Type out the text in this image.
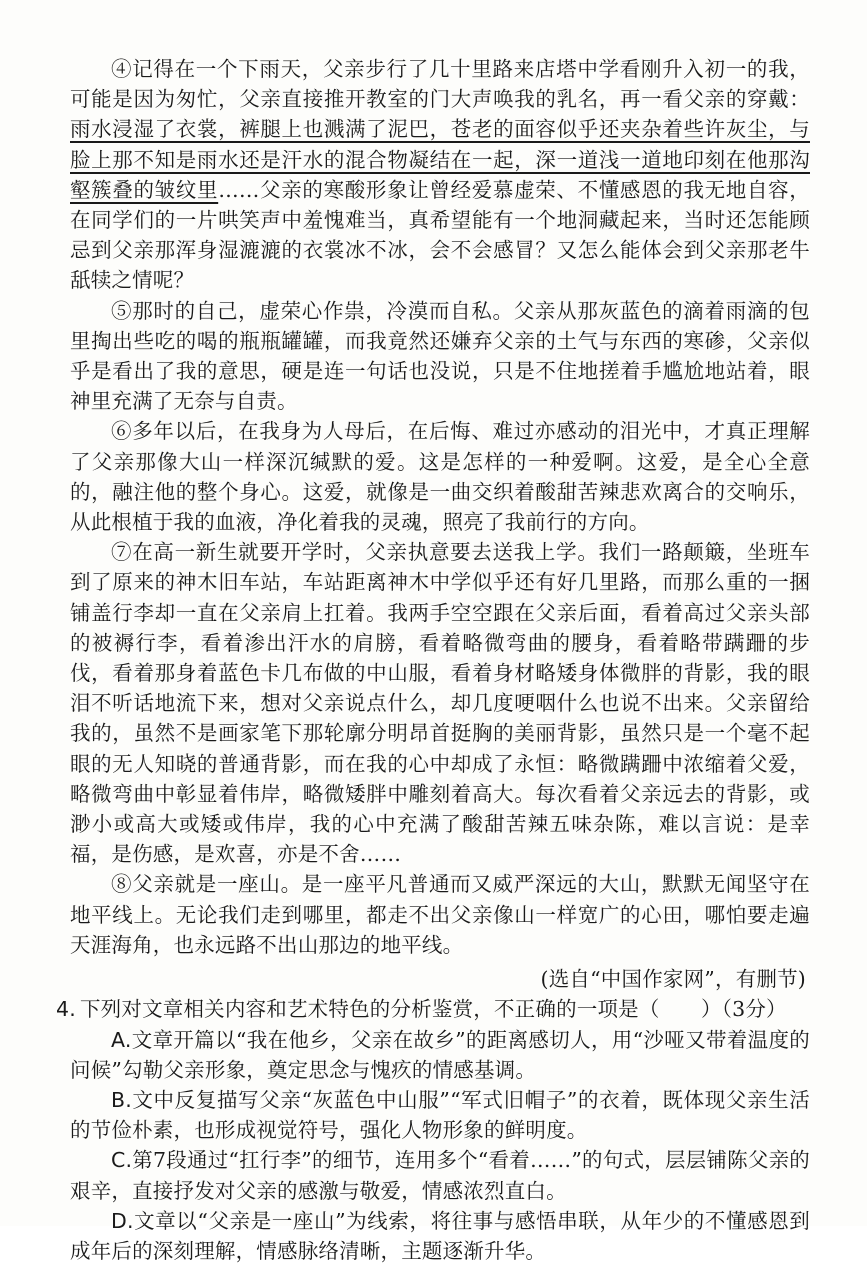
④记得在一个下雨天，父亲步行了几十里路来店塔中学看刚升入初一的我，可能是因为匆忙，父亲直接推开教室的门大声唤我的乳名，再一看父亲的穿戴：雨水浸湿了衣裳，裤腿上也溅满了泥巴，苍老的面容似乎还夹杂着些许灰尘，与脸上那不知是雨水还是汗水的混合物凝结在一起，深一道浅一道地印刻在他那沟壑簇叠的皱纹里……父亲的寒酸形象让曾经爱慕虚荣、不懂感恩的我无地自容，在同学们的一片哄笑声中羞愧难当，真希望能有一个地洞藏起来，当时还怎能顾忌到父亲那浑身湿漉漉的衣裳冰不冰，会不会感冒？又怎么能体会到父亲那老牛舐犊之情呢？

⑤那时的自己，虚荣心作祟，冷漠而自私。父亲从那灰蓝色的滴着雨滴的包里掏出些吃的喝的瓶瓶罐罐，而我竟然还嫌弃父亲的土气与东西的寒碜，父亲似乎是看出了我的意思，硬是连一句话也没说，只是不住地搓着手尴尬地站着，眼神里充满了无奈与自责。

⑥多年以后，在我身为人母后，在后悔、难过亦感动的泪光中，才真正理解了父亲那像大山一样深沉缄默的爱。这是怎样的一种爱啊。这爱，是全心全意的，融注他的整个身心。这爱，就像是一曲交织着酸甜苦辣悲欢离合的交响乐，从此根植于我的血液，净化着我的灵魂，照亮了我前行的方向。

⑦在高一新生就要开学时，父亲执意要去送我上学。我们一路颠簸，坐班车到了原来的神木旧车站，车站距离神木中学似乎还有好几里路，而那么重的一捆铺盖行李却一直在父亲肩上扛着。我两手空空跟在父亲后面，看着高过父亲头部的被褥行李，看着渗出汗水的肩膀，看着略微弯曲的腰身，看着略带蹒跚的步伐，看着那身着蓝色卡几布做的中山服，看着身材略矮身体微胖的背影，我的眼泪不听话地流下来，想对父亲说点什么，却几度哽咽什么也说不出来。父亲留给我的，虽然不是画家笔下那轮廓分明昂首挺胸的美丽背影，虽然只是一个毫不起眼的无人知晓的普通背影，而在我的心中却成了永恒：略微蹒跚中浓缩着父爱，略微弯曲中彰显着伟岸，略微矮胖中雕刻着高大。每次看着父亲远去的背影，或渺小或高大或矮或伟岸，我的心中充满了酸甜苦辣五味杂陈，难以言说：是幸福，是伤感，是欢喜，亦是不舍……

⑧父亲就是一座山。是一座平凡普通而又威严深远的大山，默默无闻坚守在地平线上。无论我们走到哪里，都走不出父亲像山一样宽广的心田，哪怕要走遍天涯海角，也永远路不出山那边的地平线。

(选自“中国作家网”，有删节)

4. 下列对文章相关内容和艺术特色的分析鉴赏，不正确的一项是（　　）（3分）

A.文章开篇以“我在他乡，父亲在故乡”的距离感切人，用“沙哑又带着温度的问候”勾勒父亲形象，奠定思念与愧疚的情感基调。

B.文中反复描写父亲“灰蓝色中山服”“军式旧帽子”的衣着，既体现父亲生活的节俭朴素，也形成视觉符号，强化人物形象的鲜明度。

C.第7段通过“扛行李”的细节，连用多个“看着……”的句式，层层铺陈父亲的艰辛，直接抒发对父亲的感激与敬爱，情感浓烈直白。

D.文章以“父亲是一座山”为线索，将往事与感悟串联，从年少的不懂感恩到成年后的深刻理解，情感脉络清晰，主题逐渐升华。
